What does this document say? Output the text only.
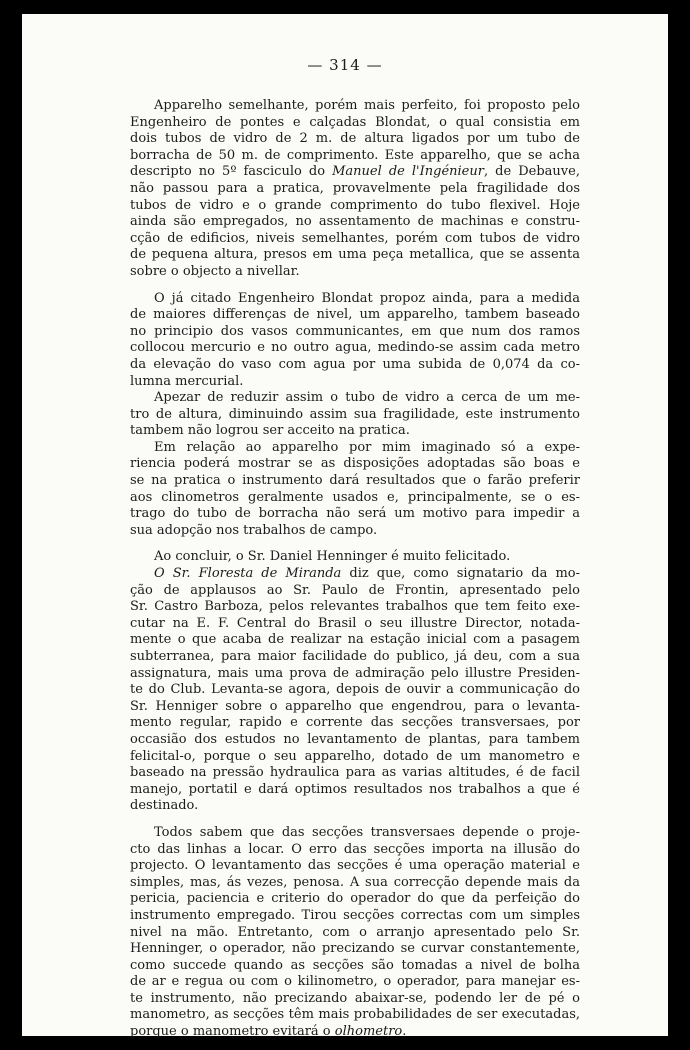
— 314 —
Apparelho semelhante, porém mais perfeito, foi proposto pelo
Engenheiro de pontes e calçadas Blondat, o qual consistia em
dois tubos de vidro de 2 m. de altura ligados por um tubo de
borracha de 50 m. de comprimento. Este apparelho, que se acha
descripto no 5º fasciculo do Manuel de l'Ingénieur, de Debauve,
não passou para a pratica, provavelmente pela fragilidade dos
tubos de vidro e o grande comprimento do tubo flexivel. Hoje
ainda são empregados, no assentamento de machinas e constru-
cção de edificios, niveis semelhantes, porém com tubos de vidro
de pequena altura, presos em uma peça metallica, que se assenta
sobre o objecto a nivellar.
O já citado Engenheiro Blondat propoz ainda, para a medida
de maiores differenças de nivel, um apparelho, tambem baseado
no principio dos vasos communicantes, em que num dos ramos
collocou mercurio e no outro agua, medindo-se assim cada metro
da elevação do vaso com agua por uma subida de 0,074 da co-
lumna mercurial.
Apezar de reduzir assim o tubo de vidro a cerca de um me-
tro de altura, diminuindo assim sua fragilidade, este instrumento
tambem não logrou ser acceito na pratica.
Em relação ao apparelho por mim imaginado só a expe-
riencia poderá mostrar se as disposições adoptadas são boas e
se na pratica o instrumento dará resultados que o farão preferir
aos clinometros geralmente usados e, principalmente, se o es-
trago do tubo de borracha não será um motivo para impedir a
sua adopção nos trabalhos de campo.
Ao concluir, o Sr. Daniel Henninger é muito felicitado.
O Sr. Floresta de Miranda diz que, como signatario da mo-
ção de applausos ao Sr. Paulo de Frontin, apresentado pelo
Sr. Castro Barboza, pelos relevantes trabalhos que tem feito exe-
cutar na E. F. Central do Brasil o seu illustre Director, notada-
mente o que acaba de realizar na estação inicial com a pasagem
subterranea, para maior facilidade do publico, já deu, com a sua
assignatura, mais uma prova de admiração pelo illustre Presiden-
te do Club. Levanta-se agora, depois de ouvir a communicação do
Sr. Henniger sobre o apparelho que engendrou, para o levanta-
mento regular, rapido e corrente das secções transversaes, por
occasião dos estudos no levantamento de plantas, para tambem
felicital-o, porque o seu apparelho, dotado de um manometro e
baseado na pressão hydraulica para as varias altitudes, é de facil
manejo, portatil e dará optimos resultados nos trabalhos a que é
destinado.
Todos sabem que das secções transversaes depende o proje-
cto das linhas a locar. O erro das secções importa na illusão do
projecto. O levantamento das secções é uma operação material e
simples, mas, ás vezes, penosa. A sua correcção depende mais da
pericia, paciencia e criterio do operador do que da perfeição do
instrumento empregado. Tirou secções correctas com um simples
nivel na mão. Entretanto, com o arranjo apresentado pelo Sr.
Henninger, o operador, não precizando se curvar constantemente,
como succede quando as secções são tomadas a nivel de bolha
de ar e regua ou com o kilinometro, o operador, para manejar es-
te instrumento, não precizando abaixar-se, podendo ler de pé o
manometro, as secções têm mais probabilidades de ser executadas,
porque o manometro evitará o olhometro.
